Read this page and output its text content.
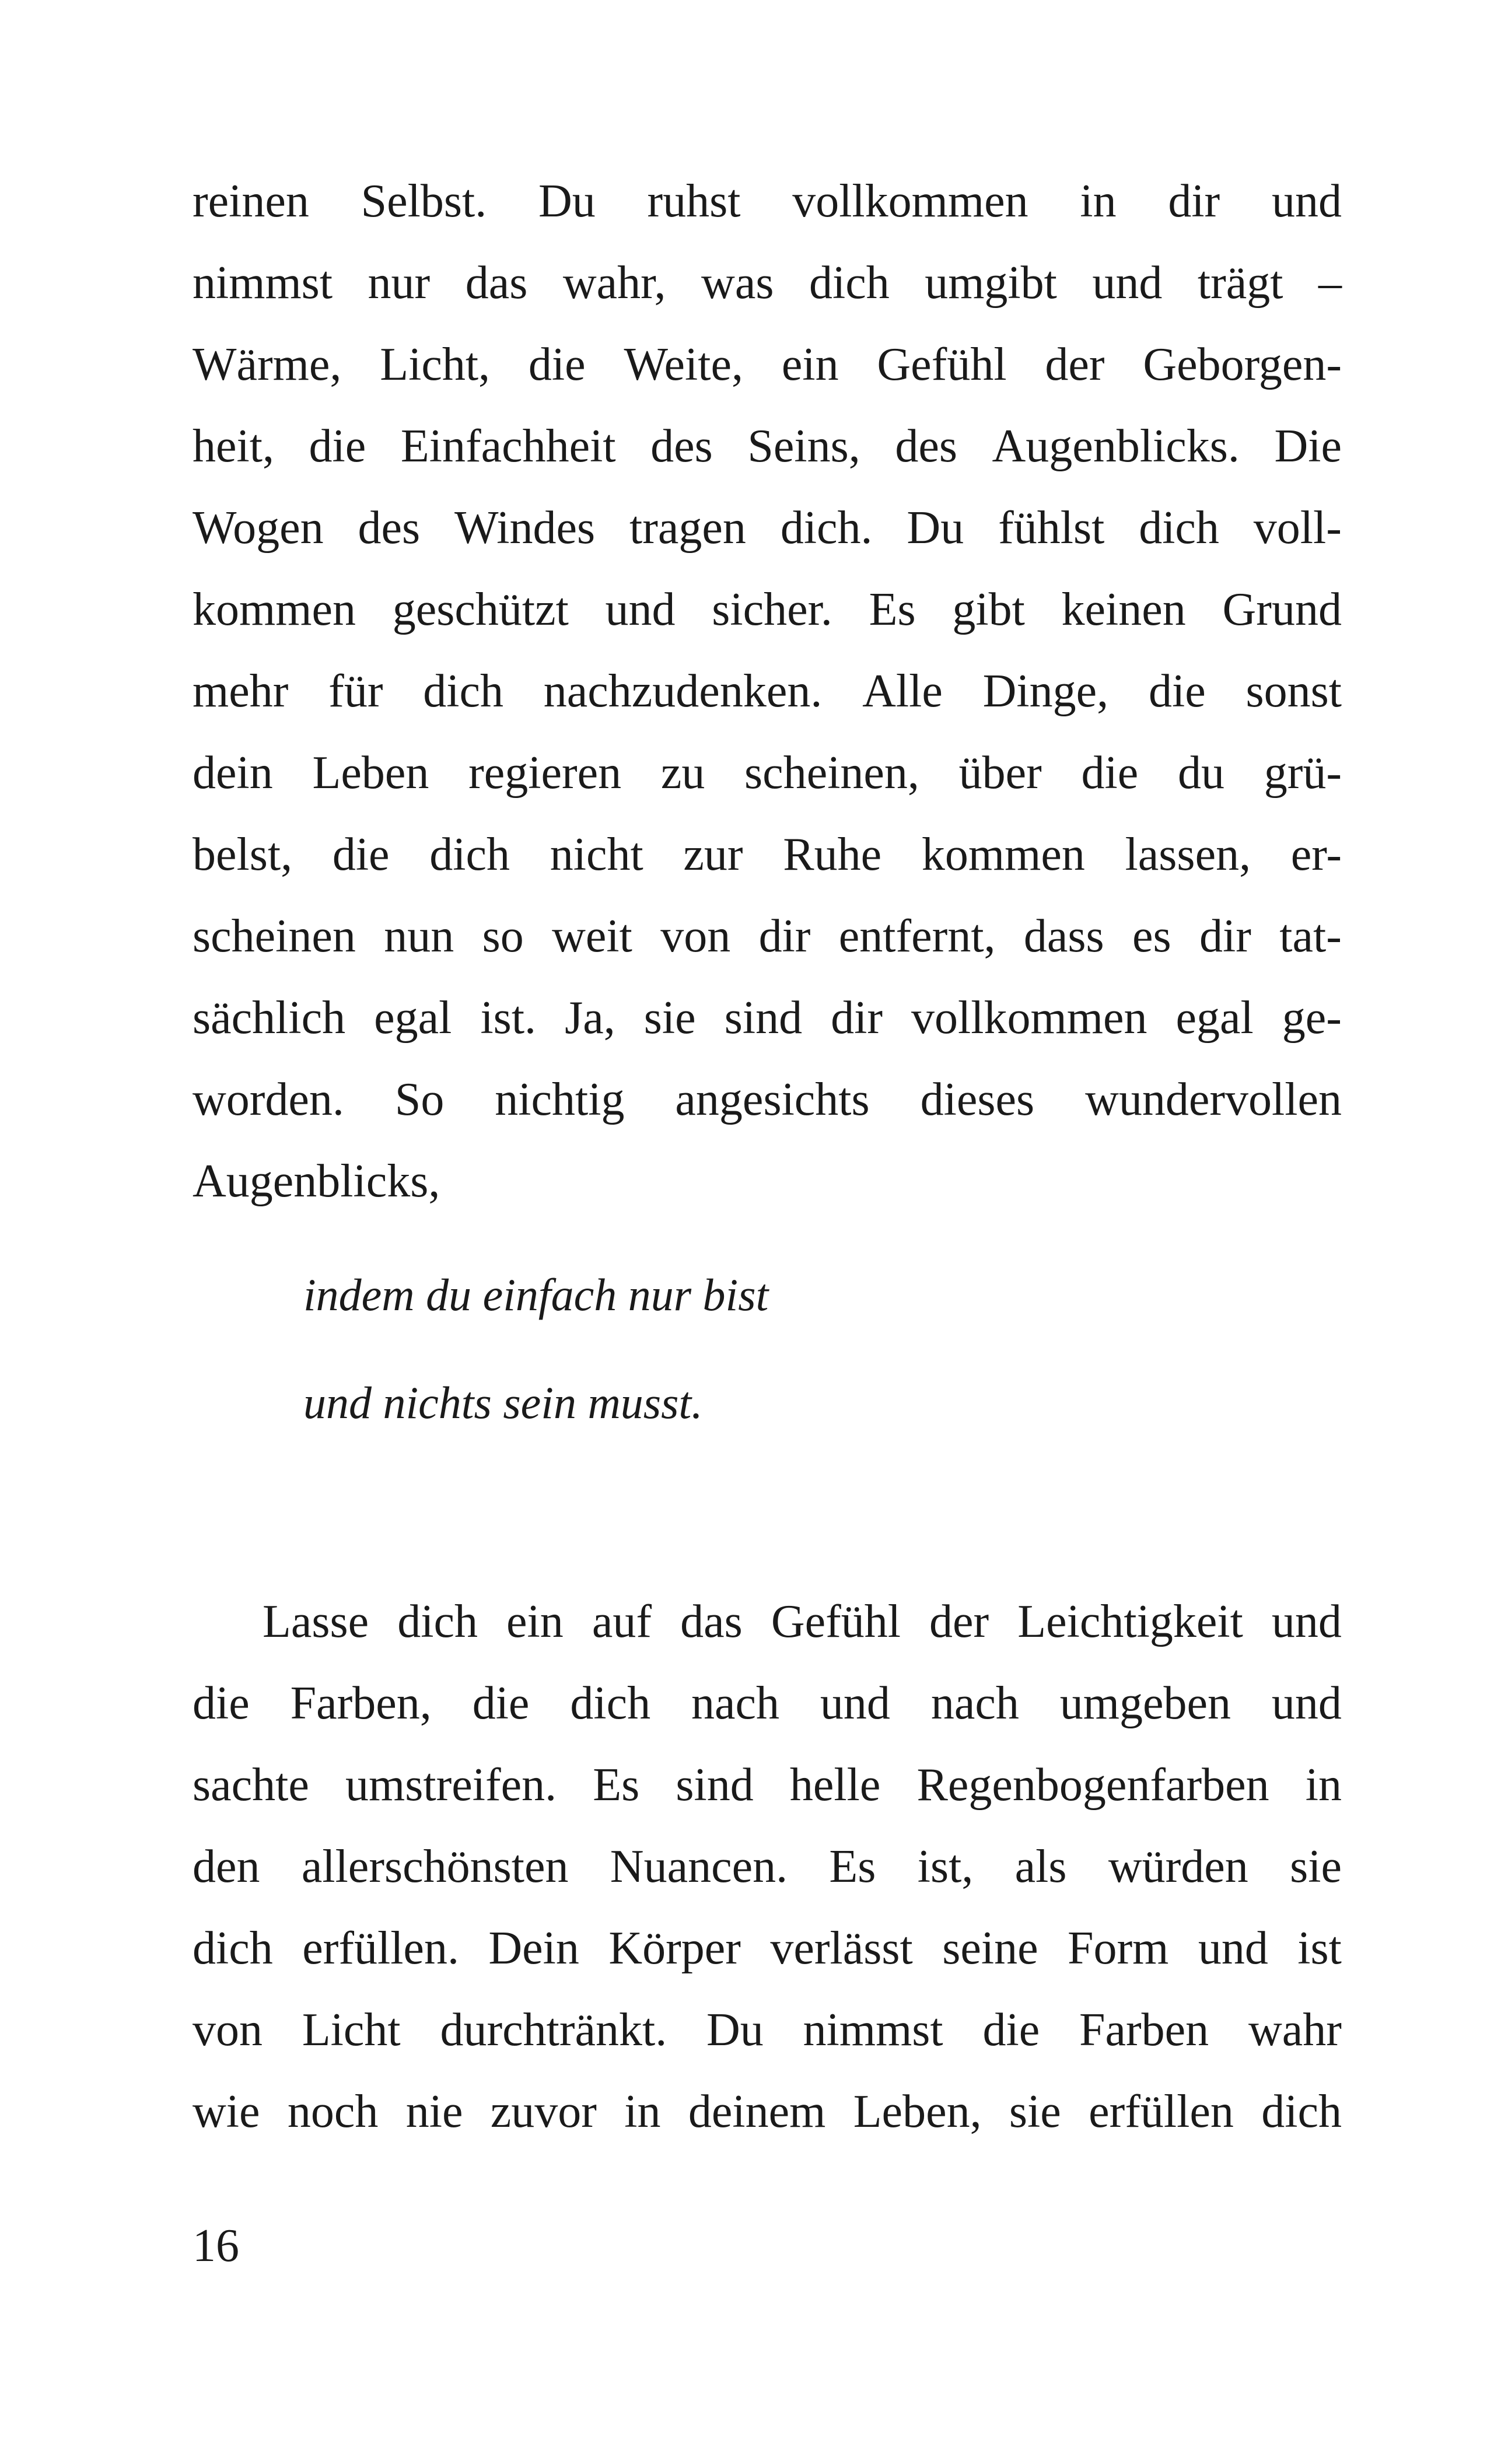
reinen Selbst. Du ruhst vollkommen in dir und
nimmst nur das wahr, was dich umgibt und trägt –
Wärme, Licht, die Weite, ein Gefühl der Geborgen-
heit, die Einfachheit des Seins, des Augenblicks. Die
Wogen des Windes tragen dich. Du fühlst dich voll-
kommen geschützt und sicher. Es gibt keinen Grund
mehr für dich nachzudenken. Alle Dinge, die sonst
dein Leben regieren zu scheinen, über die du grü-
belst, die dich nicht zur Ruhe kommen lassen, er-
scheinen nun so weit von dir entfernt, dass es dir tat-
sächlich egal ist. Ja, sie sind dir vollkommen egal ge-
worden. So nichtig angesichts dieses wundervollen
Augenblicks,
indem du einfach nur bist
und nichts sein musst.
Lasse dich ein auf das Gefühl der Leichtigkeit und
die Farben, die dich nach und nach umgeben und
sachte umstreifen. Es sind helle Regenbogenfarben in
den allerschönsten Nuancen. Es ist, als würden sie
dich erfüllen. Dein Körper verlässt seine Form und ist
von Licht durchtränkt. Du nimmst die Farben wahr
wie noch nie zuvor in deinem Leben, sie erfüllen dich
16
